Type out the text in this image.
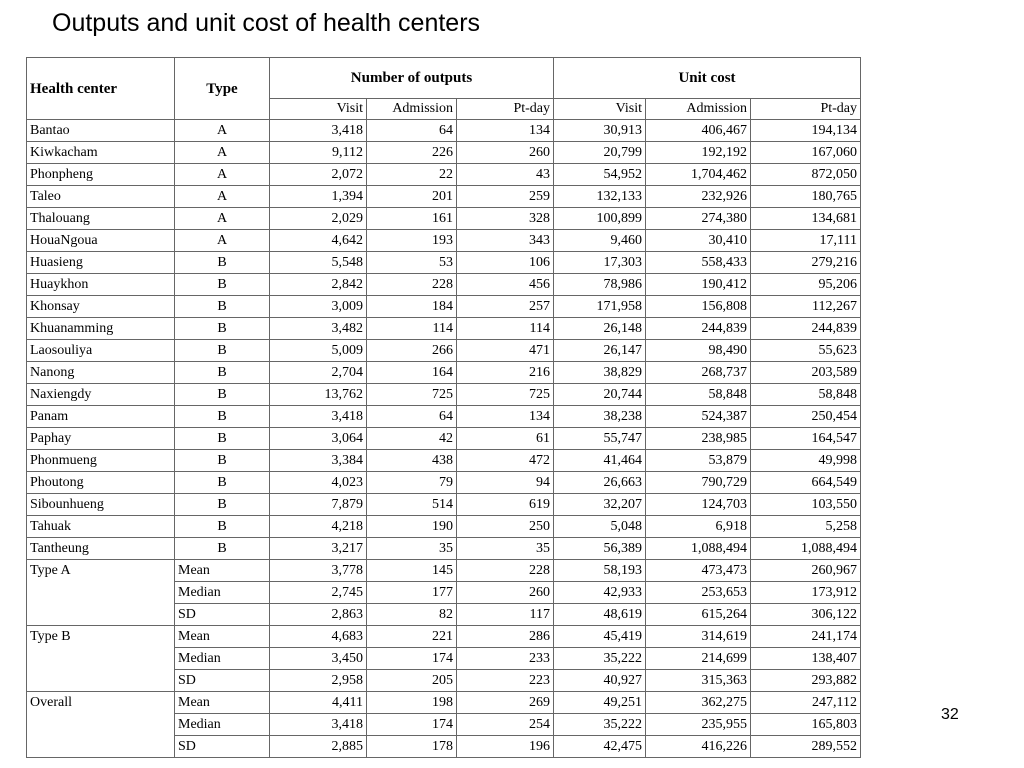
Outputs and unit cost of health centers
Health center	Type	Number of outputs			Unit cost		
		Visit	Admission	Pt-day	Visit	Admission	Pt-day
Bantao	A	3,418	64	134	30,913	406,467	194,134
Kiwkacham	A	9,112	226	260	20,799	192,192	167,060
Phonpheng	A	2,072	22	43	54,952	1,704,462	872,050
Taleo	A	1,394	201	259	132,133	232,926	180,765
Thalouang	A	2,029	161	328	100,899	274,380	134,681
HouaNgoua	A	4,642	193	343	9,460	30,410	17,111
Huasieng	B	5,548	53	106	17,303	558,433	279,216
Huaykhon	B	2,842	228	456	78,986	190,412	95,206
Khonsay	B	3,009	184	257	171,958	156,808	112,267
Khuanamming	B	3,482	114	114	26,148	244,839	244,839
Laosouliya	B	5,009	266	471	26,147	98,490	55,623
Nanong	B	2,704	164	216	38,829	268,737	203,589
Naxiengdy	B	13,762	725	725	20,744	58,848	58,848
Panam	B	3,418	64	134	38,238	524,387	250,454
Paphay	B	3,064	42	61	55,747	238,985	164,547
Phonmueng	B	3,384	438	472	41,464	53,879	49,998
Phoutong	B	4,023	79	94	26,663	790,729	664,549
Sibounhueng	B	7,879	514	619	32,207	124,703	103,550
Tahuak	B	4,218	190	250	5,048	6,918	5,258
Tantheung	B	3,217	35	35	56,389	1,088,494	1,088,494
Type A	Mean	3,778	145	228	58,193	473,473	260,967
	Median	2,745	177	260	42,933	253,653	173,912
	SD	2,863	82	117	48,619	615,264	306,122
Type B	Mean	4,683	221	286	45,419	314,619	241,174
	Median	3,450	174	233	35,222	214,699	138,407
	SD	2,958	205	223	40,927	315,363	293,882
Overall	Mean	4,411	198	269	49,251	362,275	247,112
	Median	3,418	174	254	35,222	235,955	165,803
	SD	2,885	178	196	42,475	416,226	289,552
32
